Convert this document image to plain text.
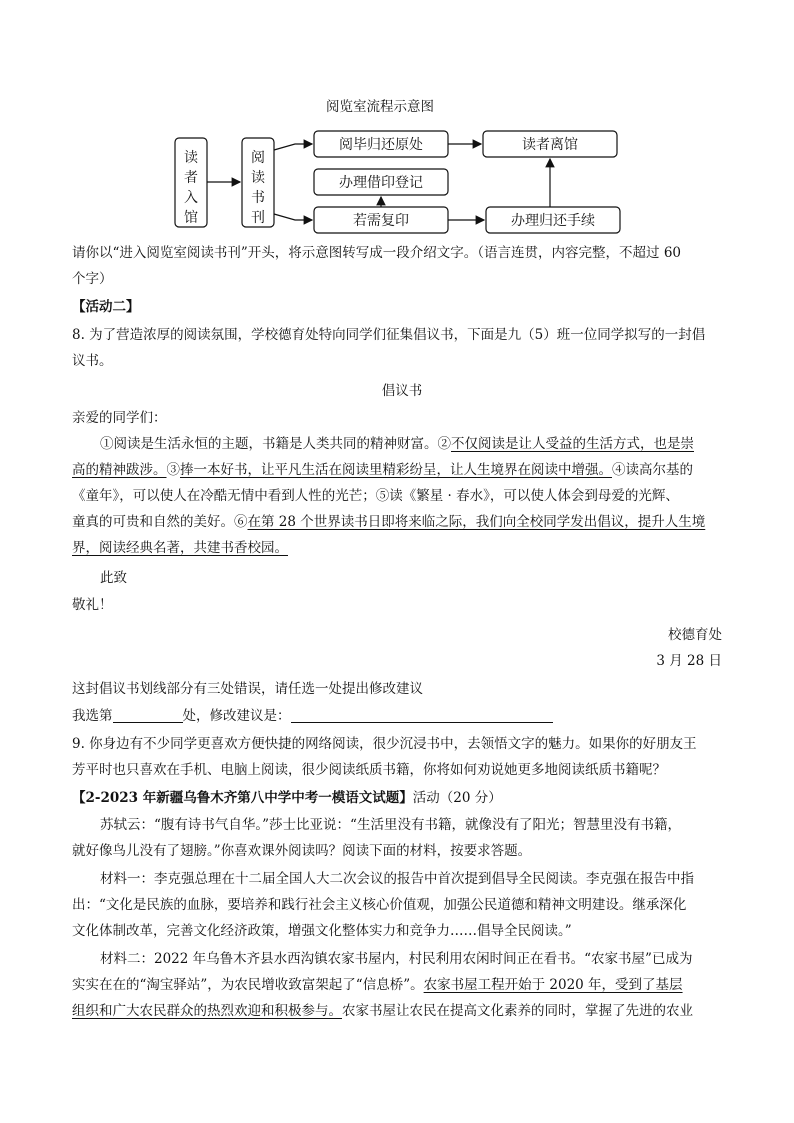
阅览室流程示意图
读者入馆
阅读书刊
阅毕归还原处	读者离馆
办理借印登记
若需复印	办理归还手续
请你以“进入阅览室阅读书刊”开头，将示意图转写成一段介绍文字。（语言连贯，内容完整，不超过 60
个字）
【活动二】
8. 为了营造浓厚的阅读氛围，学校德育处特向同学们征集倡议书，下面是九（5）班一位同学拟写的一封倡
议书。
倡议书
亲爱的同学们：
①阅读是生活永恒的主题，书籍是人类共同的精神财富。②不仅阅读是让人受益的生活方式，也是崇
高的精神跋涉。③捧一本好书，让平凡生活在阅读里精彩纷呈，让人生境界在阅读中增强。④读高尔基的
《童年》，可以使人在冷酷无情中看到人性的光芒；⑤读《繁星 · 春水》，可以使人体会到母爱的光辉、
童真的可贵和自然的美好。⑥在第 28 个世界读书日即将来临之际，我们向全校同学发出倡议，提升人生境
界，阅读经典名著，共建书香校园。
此致
敬礼！
校德育处
3 月 28 日
这封倡议书划线部分有三处错误，请任选一处提出修改建议
我选第	处，修改建议是：
9. 你身边有不少同学更喜欢方便快捷的网络阅读，很少沉浸书中，去领悟文字的魅力。如果你的好朋友王
芳平时也只喜欢在手机、电脑上阅读，很少阅读纸质书籍，你将如何劝说她更多地阅读纸质书籍呢？
【2-2023 年新疆乌鲁木齐第八中学中考一模语文试题】活动（20 分）
苏轼云：“腹有诗书气自华。”莎士比亚说：“生活里没有书籍，就像没有了阳光；智慧里没有书籍，
就好像鸟儿没有了翅膀。”你喜欢课外阅读吗？阅读下面的材料，按要求答题。
材料一：李克强总理在十二届全国人大二次会议的报告中首次提到倡导全民阅读。李克强在报告中指
出：“文化是民族的血脉，要培养和践行社会主义核心价值观，加强公民道德和精神文明建设。继承深化
文化体制改革，完善文化经济政策，增强文化整体实力和竞争力……倡导全民阅读。”
材料二：2022 年乌鲁木齐县水西沟镇农家书屋内，村民利用农闲时间正在看书。“农家书屋”已成为
实实在在的“淘宝驿站”，为农民增收致富架起了“信息桥”。农家书屋工程开始于 2020 年，受到了基层
组织和广大农民群众的热烈欢迎和积极参与。农家书屋让农民在提高文化素养的同时，掌握了先进的农业
